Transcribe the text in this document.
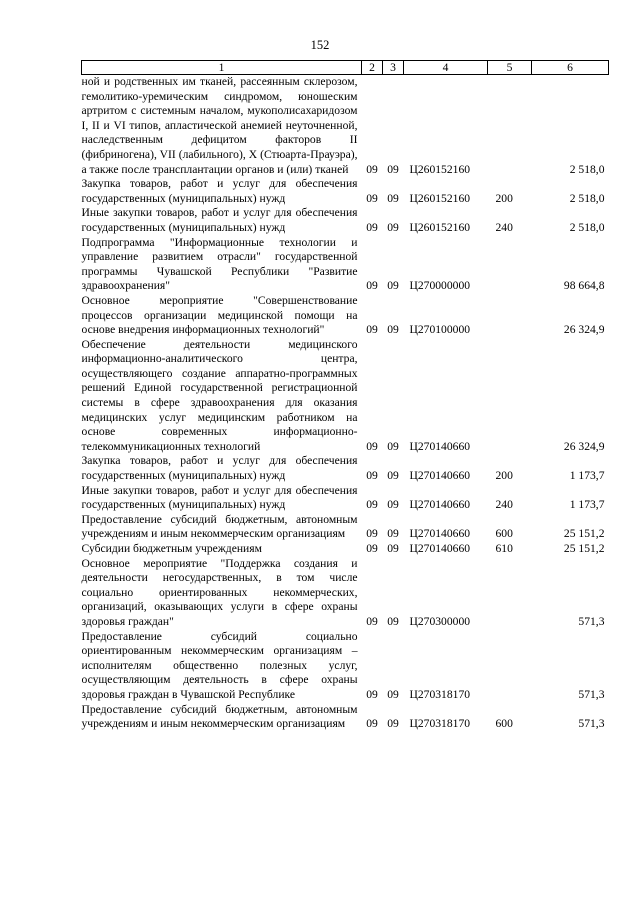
152
1	2	3	4	5	6
ной и родственных им тканей, рассеянным склерозом, гемолитико-уремическим синдромом, юношеским артритом с системным началом, мукополисахаридозом I, II и VI типов, апластической анемией неуточненной, наследственным дефицитом факторов II (фибриногена), VII (лабильного), X (Стюарта-Прауэра), а также после трансплантации органов и (или) тканей	09	09	Ц260152160		2 518,0
Закупка товаров, работ и услуг для обеспечения государственных (муниципальных) нужд	09	09	Ц260152160	200	2 518,0
Иные закупки товаров, работ и услуг для обеспечения государственных (муниципальных) нужд	09	09	Ц260152160	240	2 518,0
Подпрограмма "Информационные технологии и управление развитием отрасли" государственной программы Чувашской Республики "Развитие здравоохранения"	09	09	Ц270000000		98 664,8
Основное мероприятие "Совершенствование процессов организации медицинской помощи на основе внедрения информационных технологий"	09	09	Ц270100000		26 324,9
Обеспечение деятельности медицинского информационно-аналитического центра, осуществляющего создание аппаратно-программных решений Единой государственной регистрационной системы в сфере здравоохранения для оказания медицинских услуг медицинским работником на основе современных информационно-телекоммуникационных технологий	09	09	Ц270140660		26 324,9
Закупка товаров, работ и услуг для обеспечения государственных (муниципальных) нужд	09	09	Ц270140660	200	1 173,7
Иные закупки товаров, работ и услуг для обеспечения государственных (муниципальных) нужд	09	09	Ц270140660	240	1 173,7
Предоставление субсидий бюджетным, автономным учреждениям и иным некоммерческим организациям	09	09	Ц270140660	600	25 151,2
Субсидии бюджетным учреждениям	09	09	Ц270140660	610	25 151,2
Основное мероприятие "Поддержка создания и деятельности негосударственных, в том числе социально ориентированных некоммерческих, организаций, оказывающих услуги в сфере охраны здоровья граждан"	09	09	Ц270300000		571,3
Предоставление субсидий социально ориентированным некоммерческим организациям – исполнителям общественно полезных услуг, осуществляющим деятельность в сфере охраны здоровья граждан в Чувашской Республике	09	09	Ц270318170		571,3
Предоставление субсидий бюджетным, автономным учреждениям и иным некоммерческим организациям	09	09	Ц270318170	600	571,3
